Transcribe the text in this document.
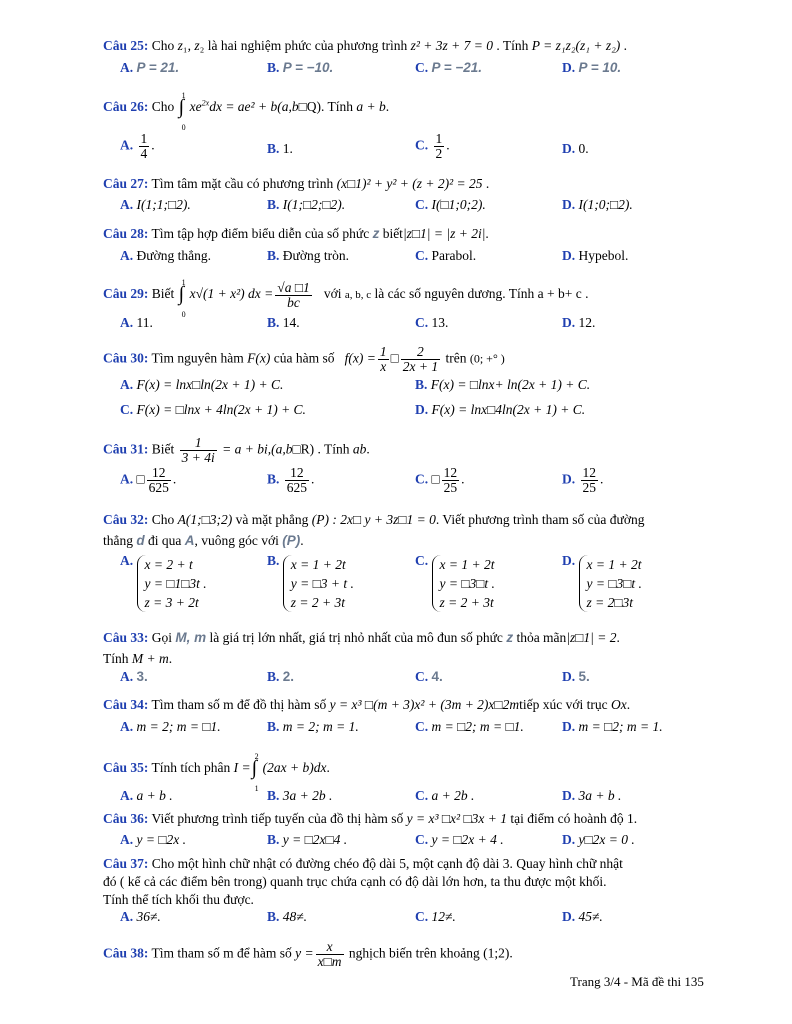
Câu 25: Cho z₁, z₂ là hai nghiệm phức của phương trình z² + 3z + 7 = 0 . Tính P = z₁z₂(z₁ + z₂) .
A. P = 21.	B. P = −10.	C. P = −21.	D. P = 10.
Câu 26: Cho
1
∫
0
$xe^{2x}dx = ae^2$ + b(a,b□Q). Tính a + b.
A. $\frac{1}{4}$ .	B. 1.	C. $\frac{1}{2}$ .	D. 0.
Câu 27: Tìm tâm mặt cầu có phương trình (x□1)² + y² + (z + 2)² = 25 .
A. I(1;1;□2).	B. I(1;□2;□2).	C. I(□1;0;2).	D. I(1;0;□2).
Câu 28: Tìm tập hợp điểm biểu diễn của số phức z biết|z□1| = |z + 2i|.
A. Đường thẳng.	B. Đường tròn.	C. Parabol.	D. Hypebol.
Câu 29: Biết
1
∫
0
x√(1 + x²) dx = $\frac{√a □1}{bc}$ với a, b, c là các số nguyên dương. Tính a + b+ c .
A. 11.	B. 14.	C. 13.	D. 12.
Câu 30: Tìm nguyên hàm F(x) của hàm số   $f(x) = \frac{1}{x}$ □ $\frac{2}{2x + 1}$ trên (0; +° )
A. F(x) = lnx□ln(2x + 1) + C.	B. F(x) = □lnx+ ln(2x + 1) + C.
C. F(x) = □lnx + 4ln(2x + 1) + C.	D. F(x) = lnx□4ln(2x + 1) + C.
Câu 31: Biết $\frac{1}{3 + 4i} = a$ + bi,(a,b□R) . Tính ab.
A. □ $\frac{12}{625}$ .	B. $\frac{12}{625}$ .	C. □ $\frac{12}{25}$ .	D. $\frac{12}{25}$ .
Câu 32: Cho A(1;□3;2) và mặt phẳng (P) : 2x□ y + 3z□1 = 0. Viết phương trình tham số của đường
thẳng d đi qua A, vuông góc với (P).
A. x = 2 + t
y = □1□3t .
z = 3 + 2t
B. x = 1 + 2t
y = □3 + t .
z = 2 + 3t
C. x = 1 + 2t
y = □3□t .
z = 2 + 3t
D. x = 1 + 2t
y = □3□t .
z = 2□3t
Câu 33: Gọi M, m là giá trị lớn nhất, giá trị nhỏ nhất của mô đun số phức z thỏa mãn|z□1| = 2.
Tính M + m.
A. 3.	B. 2.	C. 4.	D. 5.
Câu 34: Tìm tham số m để đồ thị hàm số y = x³ □(m + 3)x² + (3m + 2)x□2mtiếp xúc với trục Ox.
A. m = 2; m = □1.	B. m = 2; m = 1.	C. m = □2; m = □1.	D. m = □2; m = 1.
Câu 35: Tính tích phân I =
2
∫
1
(2ax + b)dx.
A. a + b .	B. 3a + 2b .	C. a + 2b .	D. 3a + b .
Câu 36: Viết phương trình tiếp tuyến của đồ thị hàm số y = x³ □x² □3x + 1 tại điểm có hoành độ 1.
A. y = □2x .	B. y = □2x□4 .	C. y = □2x + 4 .	D. y□2x = 0 .
Câu 37: Cho một hình chữ nhật có đường chéo độ dài 5, một cạnh độ dài 3. Quay hình chữ nhật
đó ( kể cả các điểm bên trong) quanh trục chứa cạnh có độ dài lớn hơn, ta thu được một khối.
Tính thể tích khối thu được.
A. 36≠.	B. 48≠.	C. 12≠.	D. 45≠.
Câu 38: Tìm tham số m để hàm số $y = \frac{x}{x□m}$ nghịch biến trên khoảng (1;2).
Trang 3/4 - Mã đề thi 135
